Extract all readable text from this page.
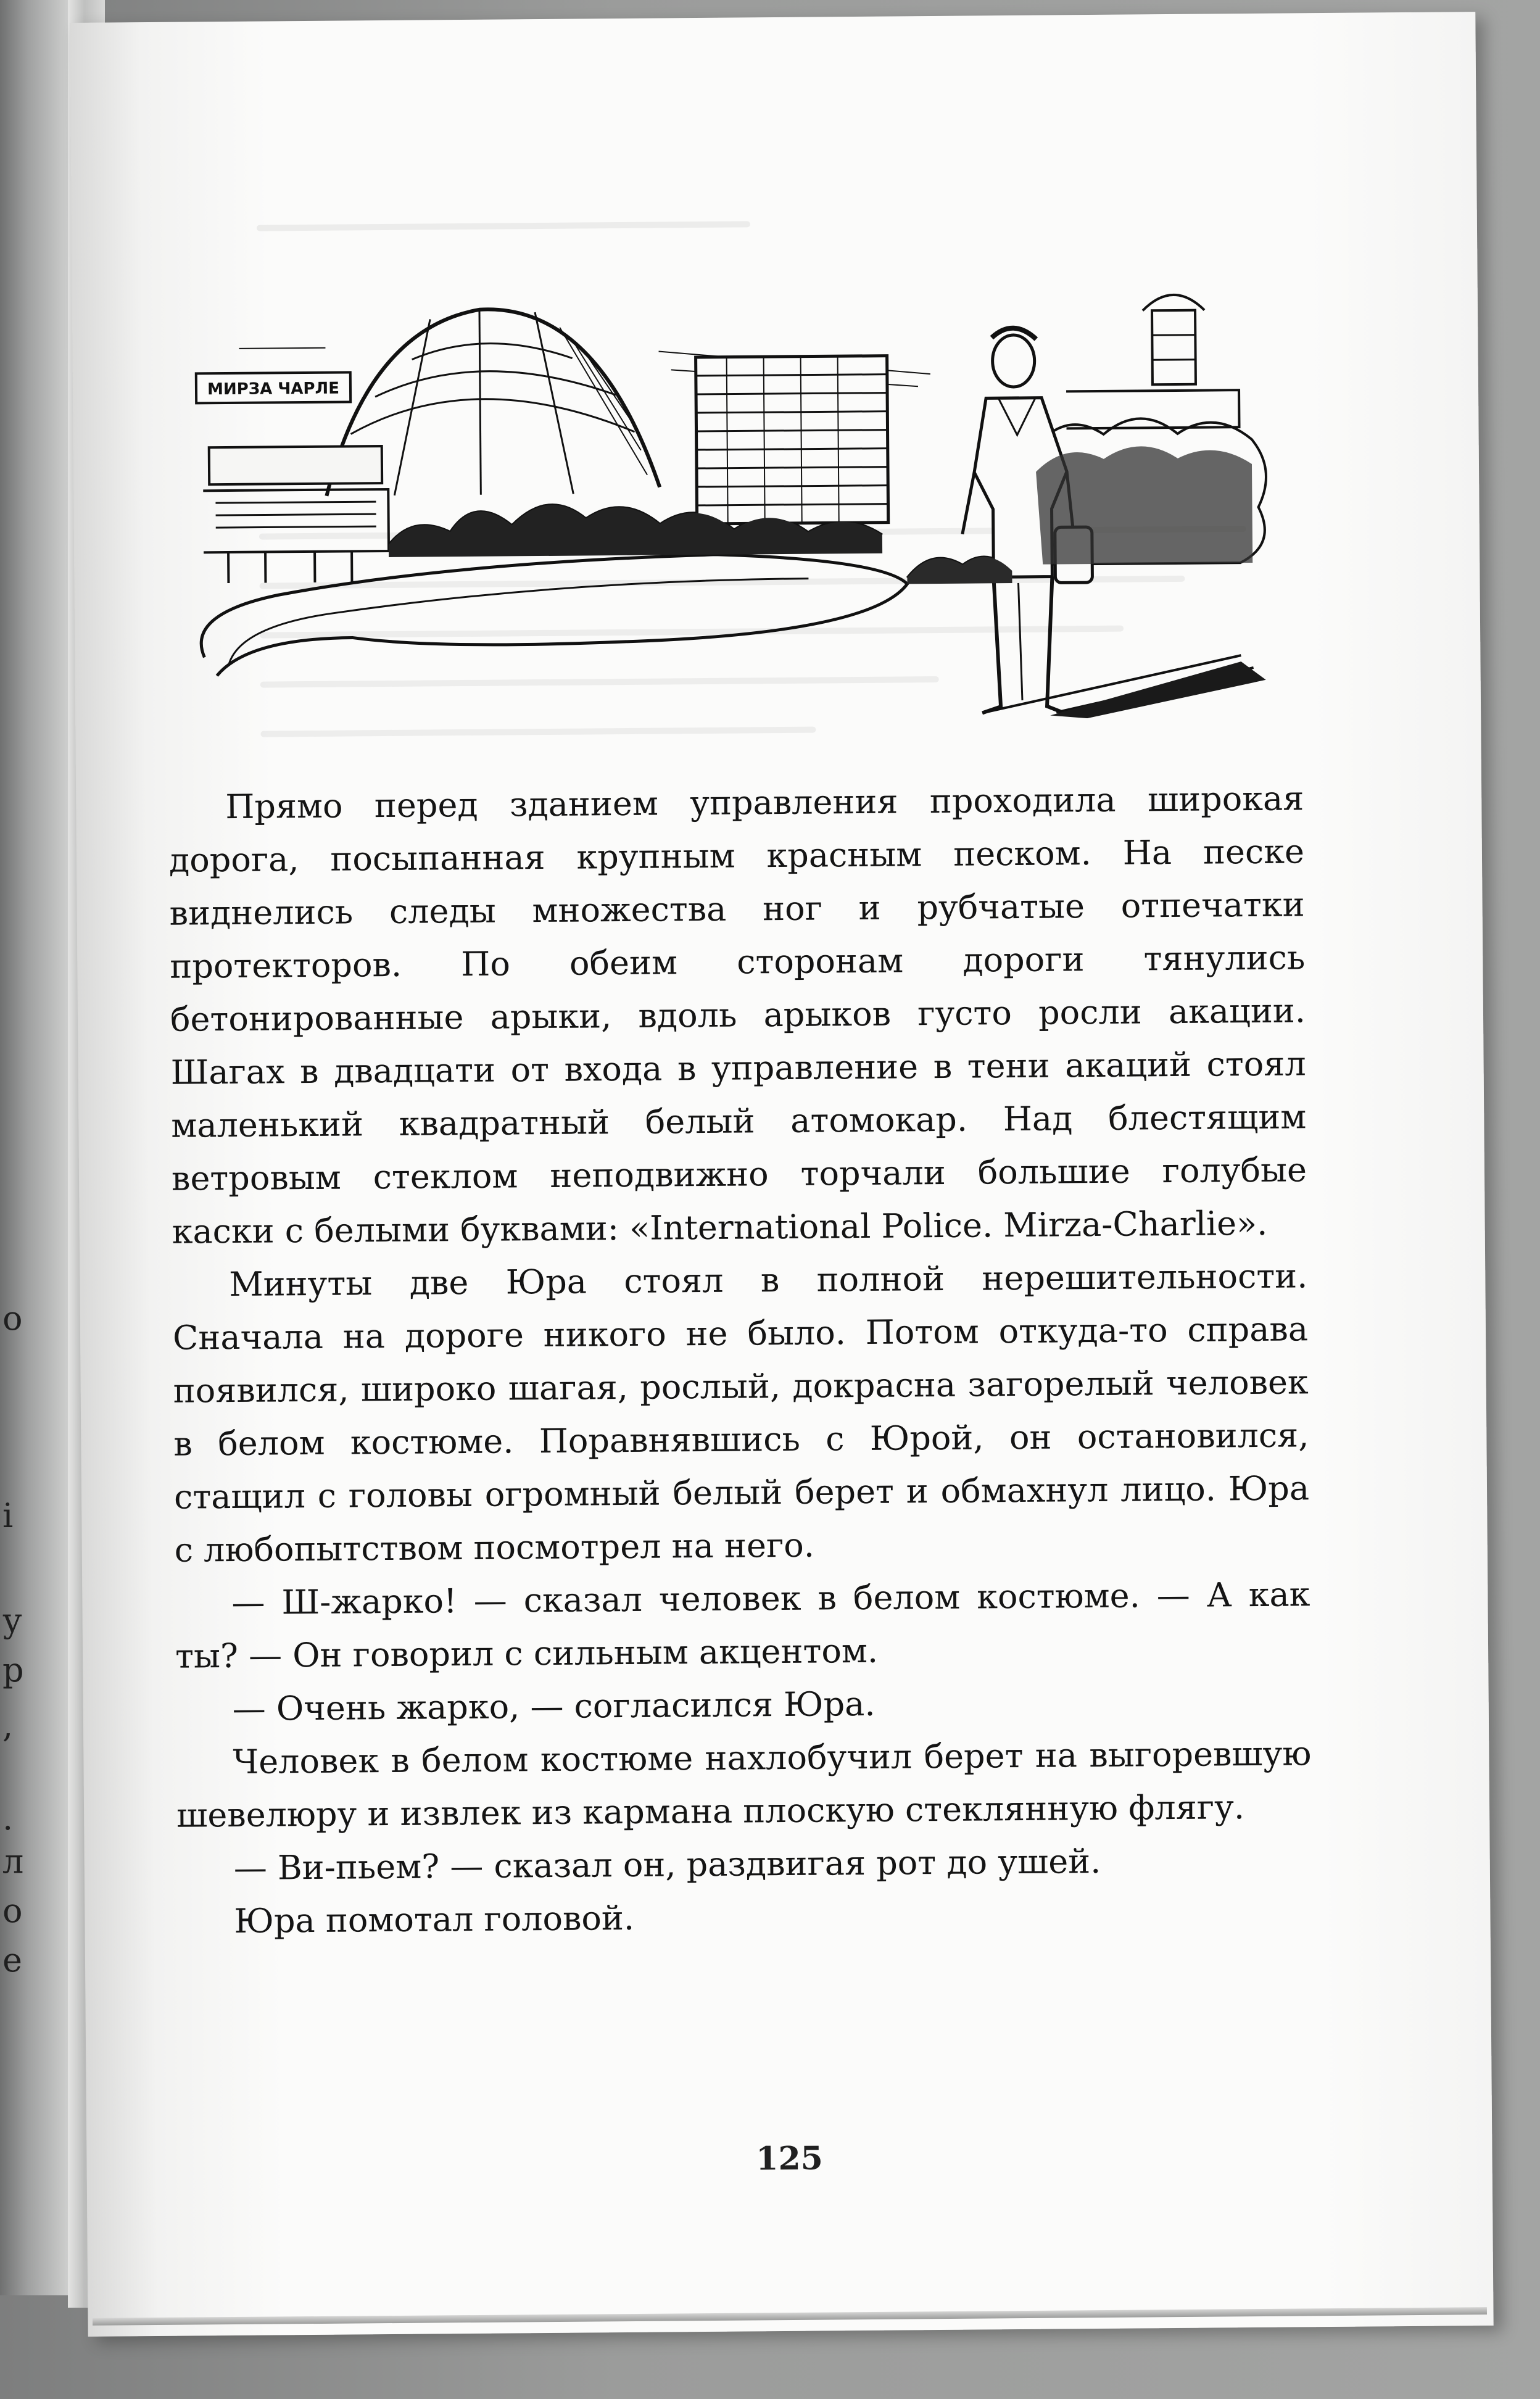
о
і
у
р
,
.
л
о
е
МИРЗА ЧАРЛЕ

Прямо перед зданием управления проходила широкая дорога, посыпанная крупным красным песком. На песке виднелись следы множества ног и рубчатые отпечатки протекторов. По обеим сторонам дороги тянулись бетонированные арыки, вдоль арыков густо росли акации. Шагах в двадцати от входа в управление в тени акаций стоял маленький квадратный белый атомокар. Над блестящим ветровым стеклом неподвижно торчали большие голубые каски с белыми буквами: «International Police. Mirza-Charlie».

Минуты две Юра стоял в полной нерешительности. Сначала на дороге никого не было. Потом откуда-то справа появился, широко шагая, рослый, докрасна загорелый человек в белом костюме. Поравнявшись с Юрой, он остановился, стащил с головы огромный белый берет и обмахнул лицо. Юра с любопытством посмотрел на него.

— Ш-жарко! — сказал человек в белом костюме. — А как ты? — Он говорил с сильным акцентом.

— Очень жарко, — согласился Юра.

Человек в белом костюме нахлобучил берет на выгоревшую шевелюру и извлек из кармана плоскую стеклянную флягу.

— Ви-пьем? — сказал он, раздвигая рот до ушей.

Юра помотал головой.

125
